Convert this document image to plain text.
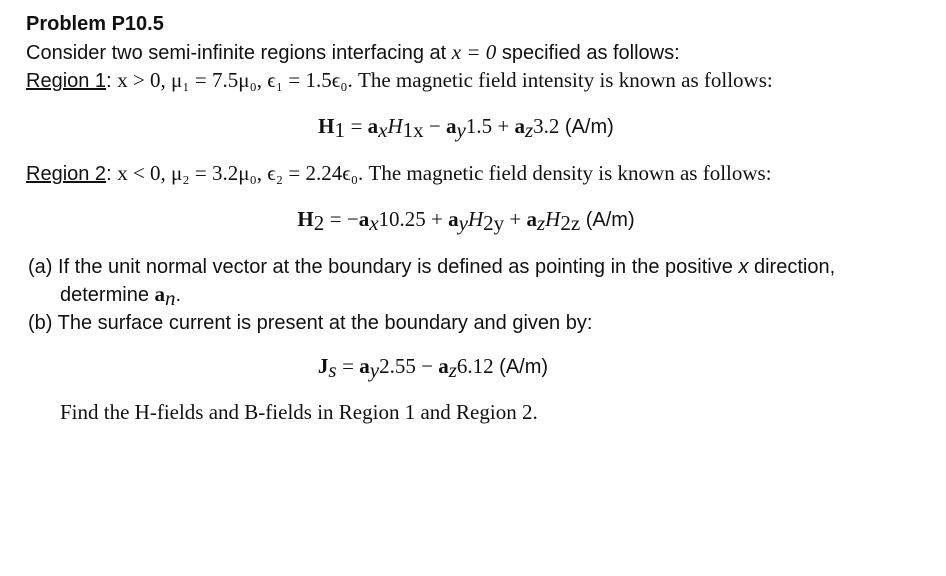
Problem P10.5
Consider two semi-infinite regions interfacing at x = 0 specified as follows:
Region 1: x > 0, μ₁ = 7.5μ₀, ϵ₁ = 1.5ϵ₀. The magnetic field intensity is known as follows:
$H_1 = a_xH_{1x} - a_y1.5 + a_z3.2$ (A/m)
Region 2: x < 0, μ₂ = 3.2μ₀, ϵ₂ = 2.24ϵ₀. The magnetic field density is known as follows:
$H_2 = -a_x10.25 + a_yH_{2y} + a_zH_{2z}$ (A/m)
(a) If the unit normal vector at the boundary is defined as pointing in the positive x direction,
determine $a_n$.
(b) The surface current is present at the boundary and given by:
$J_s = a_y2.55 - a_z6.12$ (A/m)
Find the H-fields and B-fields in Region 1 and Region 2.
